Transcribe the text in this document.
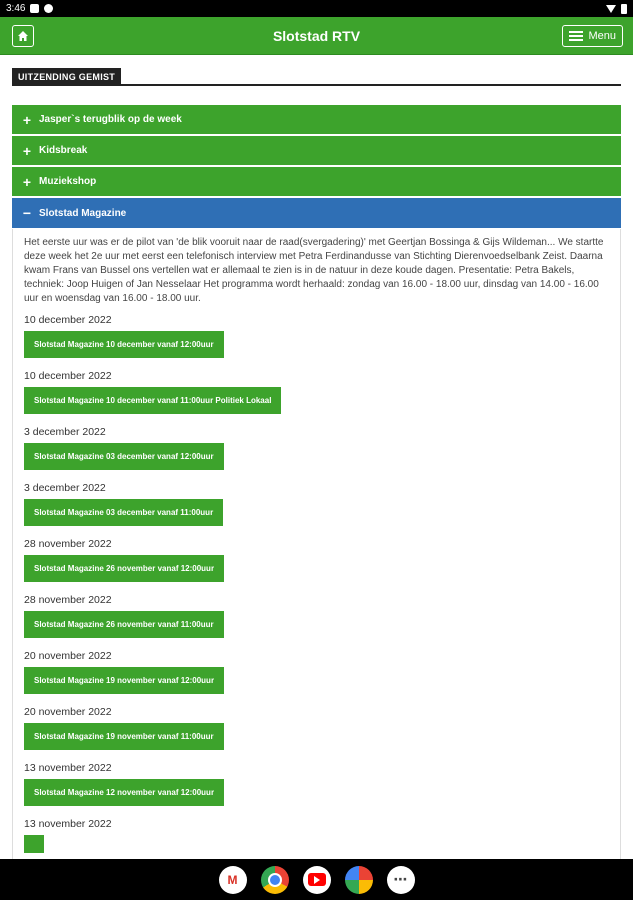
3:46
Slotstad RTV	Menu
UITZENDING GEMIST
+ Jasper`s terugblik op de week
+ Kidsbreak
+ Muziekshop
− Slotstad Magazine

Het eerste uur was er de pilot van 'de blik vooruit naar de raad(svergadering)' met Geertjan Bossinga & Gijs Wildeman... We startte deze week het 2e uur met eerst een telefonisch interview met Petra Ferdinandusse van Stichting Dierenvoedselbank Zeist. Daarna kwam Frans van Bussel ons vertellen wat er allemaal te zien is in de natuur in deze koude dagen. Presentatie: Petra Bakels, techniek: Joop Huigen of Jan Nesselaar Het programma wordt herhaald: zondag van 16.00 - 18.00 uur, dinsdag van 14.00 - 16.00 uur en woensdag van 16.00 - 18.00 uur.

10 december 2022
Slotstad Magazine 10 december vanaf 12:00uur
10 december 2022
Slotstad Magazine 10 december vanaf 11:00uur Politiek Lokaal
3 december 2022
Slotstad Magazine 03 december vanaf 12:00uur
3 december 2022
Slotstad Magazine 03 december vanaf 11:00uur
28 november 2022
Slotstad Magazine 26 november vanaf 12:00uur
28 november 2022
Slotstad Magazine 26 november vanaf 11:00uur
20 november 2022
Slotstad Magazine 19 november vanaf 12:00uur
20 november 2022
Slotstad Magazine 19 november vanaf 11:00uur
13 november 2022
Slotstad Magazine 12 november vanaf 12:00uur
13 november 2022
M	⋯
